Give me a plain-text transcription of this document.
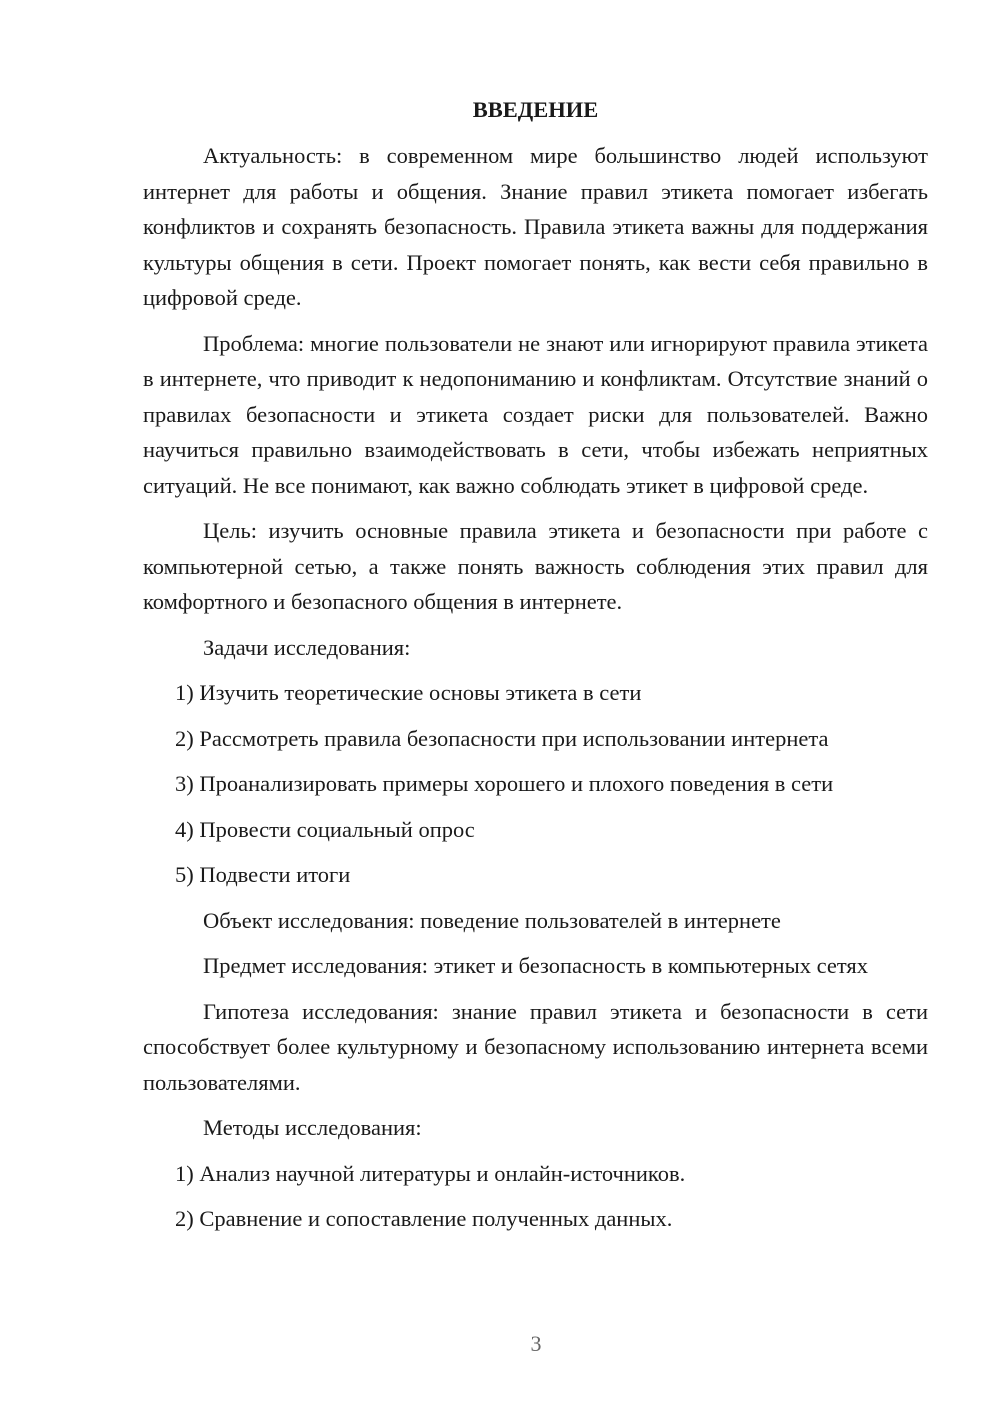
ВВЕДЕНИЕ

Актуальность: в современном мире большинство людей используют интернет для работы и общения. Знание правил этикета помогает избегать конфликтов и сохранять безопасность. Правила этикета важны для поддержания культуры общения в сети. Проект помогает понять, как вести себя правильно в цифровой среде.

Проблема: многие пользователи не знают или игнорируют правила этикета в интернете, что приводит к недопониманию и конфликтам. Отсутствие знаний о правилах безопасности и этикета создает риски для пользователей. Важно научиться правильно взаимодействовать в сети, чтобы избежать неприятных ситуаций. Не все понимают, как важно соблюдать этикет в цифровой среде.

Цель: изучить основные правила этикета и безопасности при работе с компьютерной сетью, а также понять важность соблюдения этих правил для комфортного и безопасного общения в интернете.

Задачи исследования:

1) Изучить теоретические основы этикета в сети

2) Рассмотреть правила безопасности при использовании интернета

3) Проанализировать примеры хорошего и плохого поведения в сети

4) Провести социальный опрос

5) Подвести итоги

Объект исследования: поведение пользователей в интернете

Предмет исследования: этикет и безопасность в компьютерных сетях

Гипотеза исследования: знание правил этикета и безопасности в сети способствует более культурному и безопасному использованию интернета всеми пользователями.

Методы исследования:

1) Анализ научной литературы и онлайн-источников.

2) Сравнение и сопоставление полученных данных.

3
